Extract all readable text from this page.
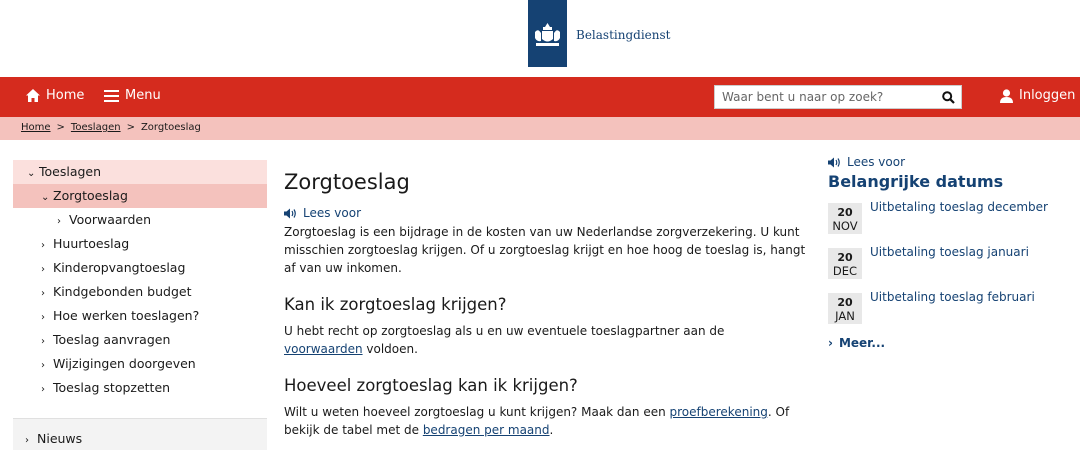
Belastingdienst
Home	Menu
Waar bent u naar op zoek?	Inloggen
Home > Toeslagen > Zorgtoeslag
⌄ Toeslagen
⌄ Zorgtoeslag
› Voorwaarden
› Huurtoeslag
› Kinderopvangtoeslag
› Kindgebonden budget
› Hoe werken toeslagen?
› Toeslag aanvragen
› Wijzigingen doorgeven
› Toeslag stopzetten
› Nieuws
Zorgtoeslag
Lees voor

Zorgtoeslag is een bijdrage in de kosten van uw Nederlandse zorgverzekering. U kunt misschien zorgtoeslag krijgen. Of u zorgtoeslag krijgt en hoe hoog de toeslag is, hangt af van uw inkomen.

Kan ik zorgtoeslag krijgen?

U hebt recht op zorgtoeslag als u en uw eventuele toeslagpartner aan de
voorwaarden voldoen.

Hoeveel zorgtoeslag kan ik krijgen?

Wilt u weten hoeveel zorgtoeslag u kunt krijgen? Maak dan een proefberekening. Of bekijk de tabel met de bedragen per maand.

Lees voor
Belangrijke datums
20
NOV
Uitbetaling toeslag december
20
DEC
Uitbetaling toeslag januari
20
JAN
Uitbetaling toeslag februari
› Meer...
